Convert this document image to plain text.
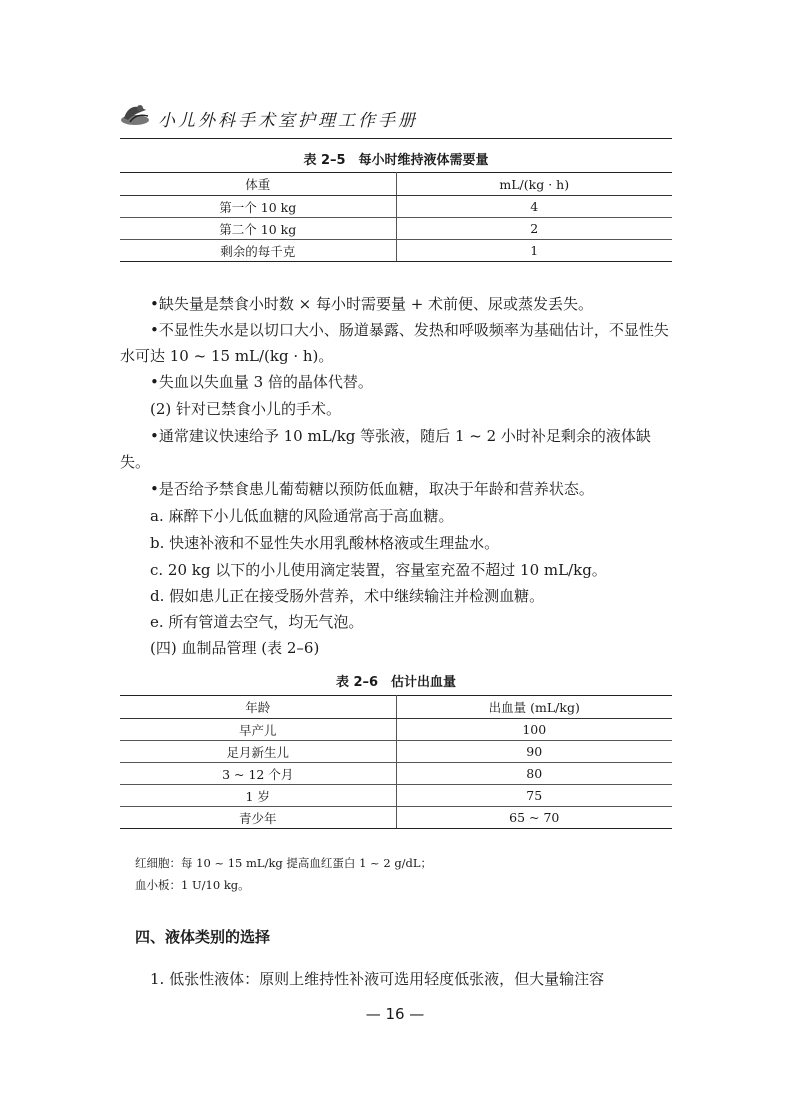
小儿外科手术室护理工作手册
表 2–5　每小时维持液体需要量
体重	mL/(kg · h)
第一个 10 kg	4
第二个 10 kg	2
剩余的每千克	1
•缺失量是禁食小时数 × 每小时需要量 + 术前便、尿或蒸发丢失。
•不显性失水是以切口大小、肠道暴露、发热和呼吸频率为基础估计，不显性失水可达 10 ~ 15 mL/(kg · h)。
•失血以失血量 3 倍的晶体代替。
(2) 针对已禁食小儿的手术。
•通常建议快速给予 10 mL/kg 等张液，随后 1 ~ 2 小时补足剩余的液体缺失。
•是否给予禁食患儿葡萄糖以预防低血糖，取决于年龄和营养状态。
a. 麻醉下小儿低血糖的风险通常高于高血糖。
b. 快速补液和不显性失水用乳酸林格液或生理盐水。
c. 20 kg 以下的小儿使用滴定装置，容量室充盈不超过 10 mL/kg。
d. 假如患儿正在接受肠外营养，术中继续输注并检测血糖。
e. 所有管道去空气，均无气泡。
(四) 血制品管理 (表 2–6)
表 2–6　估计出血量
年龄	出血量 (mL/kg)
早产儿	100
足月新生儿	90
3 ~ 12 个月	80
1 岁	75
青少年	65 ~ 70
红细胞：每 10 ~ 15 mL/kg 提高血红蛋白 1 ~ 2 g/dL；
血小板：1 U/10 kg。
四、液体类别的选择
1. 低张性液体：原则上维持性补液可选用轻度低张液，但大量输注容
— 16 —
